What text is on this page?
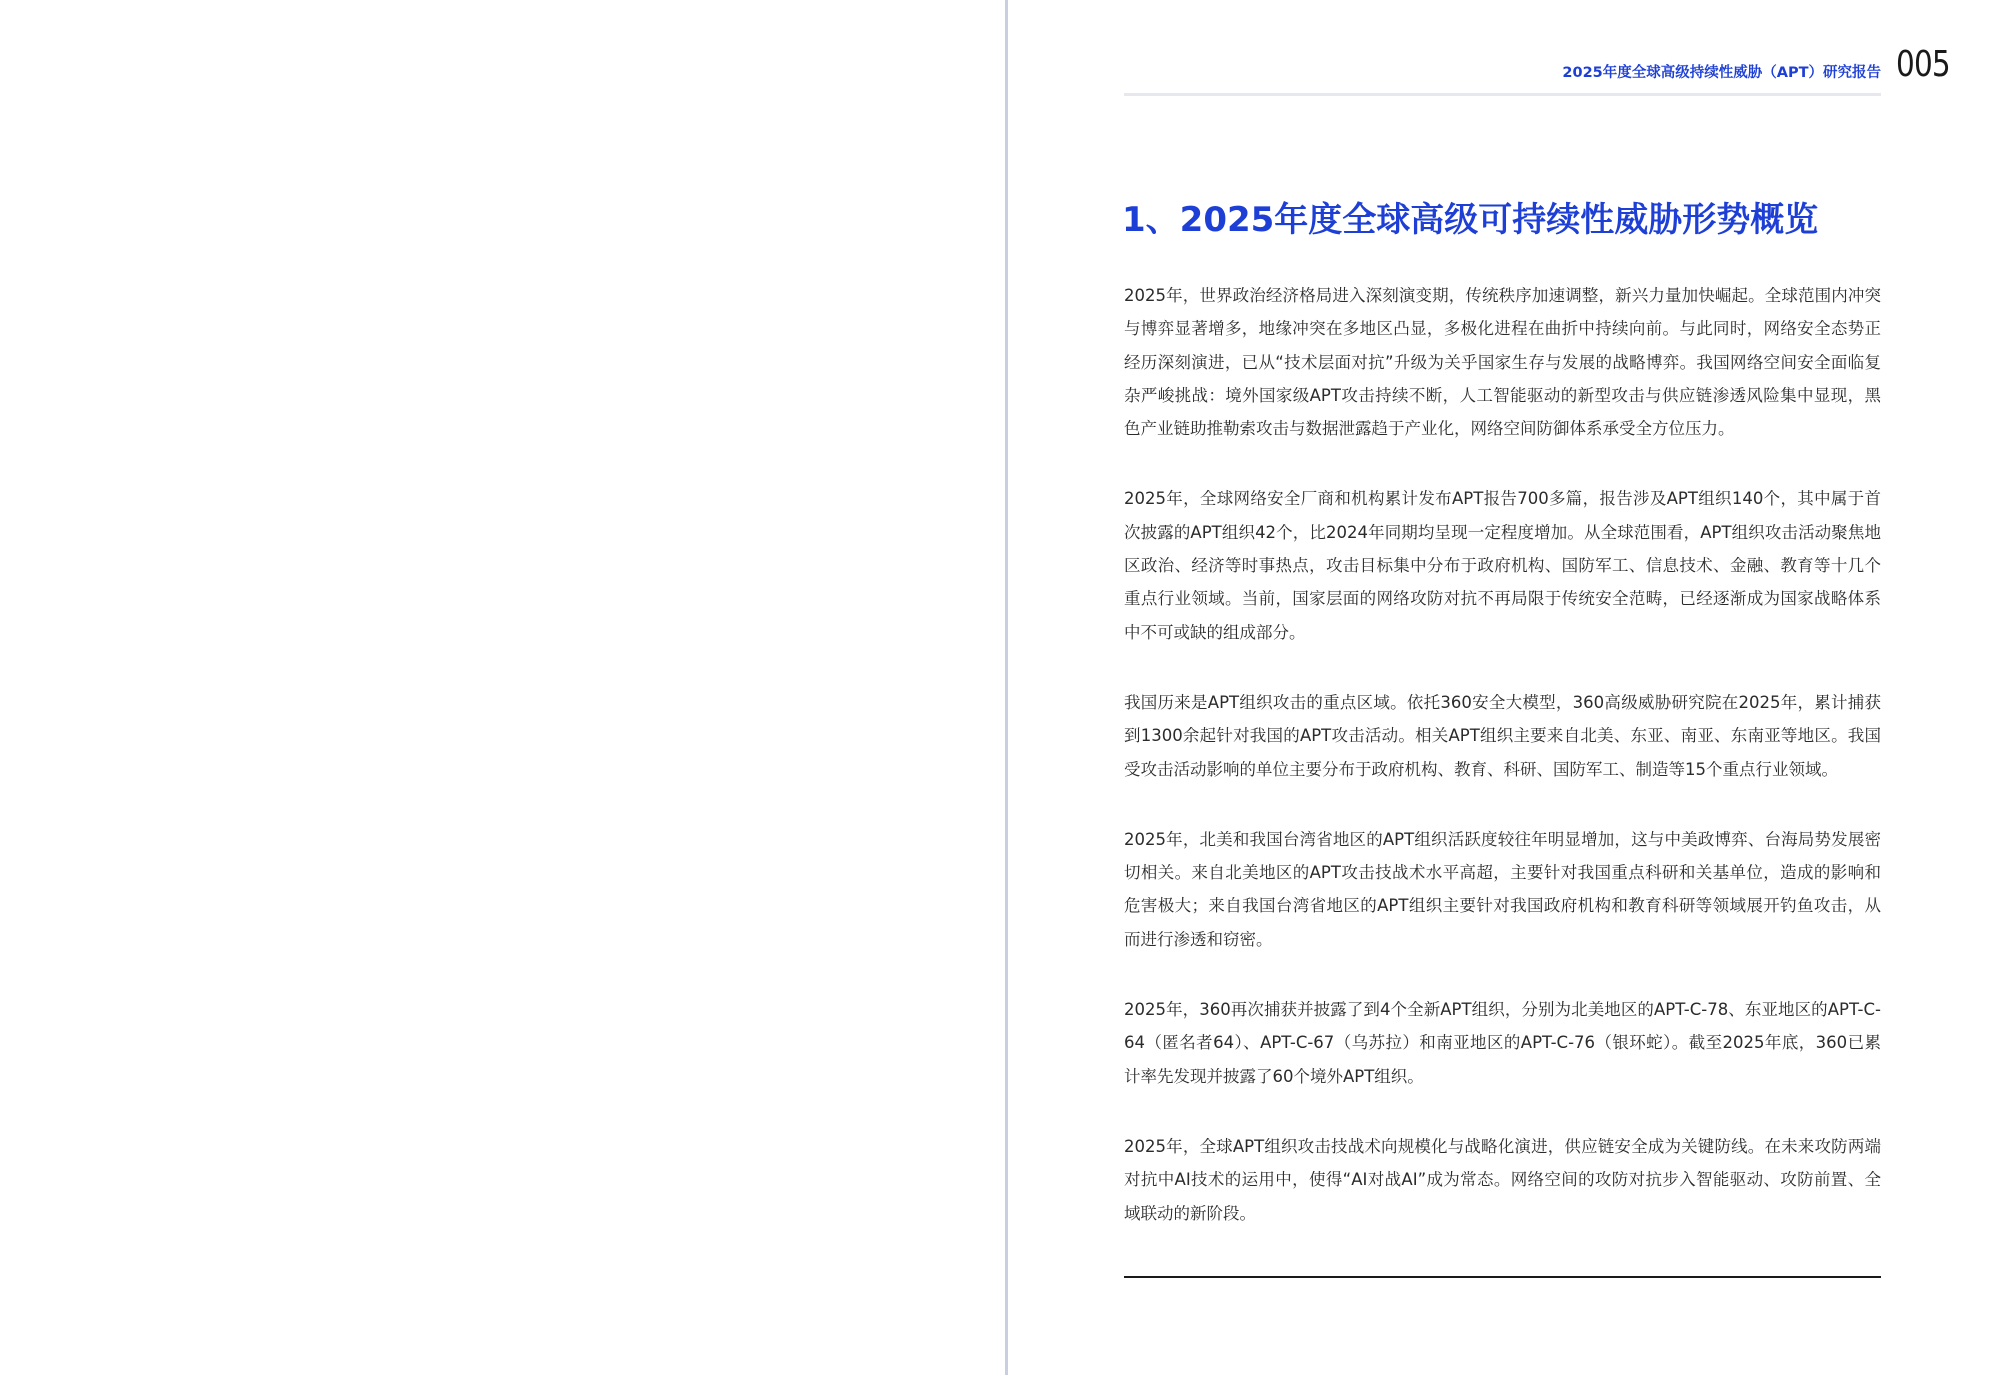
2025年度全球高级持续性威胁（APT）研究报告 005
1、2025年度全球高级可持续性威胁形势概览

2025年，世界政治经济格局进入深刻演变期，传统秩序加速调整，新兴力量加快崛起。全球范围内冲突与博弈显著增多，地缘冲突在多地区凸显，多极化进程在曲折中持续向前。与此同时，网络安全态势正经历深刻演进，已从“技术层面对抗”升级为关乎国家生存与发展的战略博弈。我国网络空间安全面临复杂严峻挑战：境外国家级APT攻击持续不断，人工智能驱动的新型攻击与供应链渗透风险集中显现，黑色产业链助推勒索攻击与数据泄露趋于产业化，网络空间防御体系承受全方位压力。

2025年，全球网络安全厂商和机构累计发布APT报告700多篇，报告涉及APT组织140个，其中属于首次披露的APT组织42个，比2024年同期均呈现一定程度增加。从全球范围看，APT组织攻击活动聚焦地区政治、经济等时事热点，攻击目标集中分布于政府机构、国防军工、信息技术、金融、教育等十几个重点行业领域。当前，国家层面的网络攻防对抗不再局限于传统安全范畴，已经逐渐成为国家战略体系中不可或缺的组成部分。

我国历来是APT组织攻击的重点区域。依托360安全大模型，360高级威胁研究院在2025年，累计捕获到1300余起针对我国的APT攻击活动。相关APT组织主要来自北美、东亚、南亚、东南亚等地区。我国受攻击活动影响的单位主要分布于政府机构、教育、科研、国防军工、制造等15个重点行业领域。

2025年，北美和我国台湾省地区的APT组织活跃度较往年明显增加，这与中美政博弈、台海局势发展密切相关。来自北美地区的APT攻击技战术水平高超，主要针对我国重点科研和关基单位，造成的影响和危害极大；来自我国台湾省地区的APT组织主要针对我国政府机构和教育科研等领域展开钓鱼攻击，从而进行渗透和窃密。

2025年，360再次捕获并披露了到4个全新APT组织，分别为北美地区的APT-C-78、东亚地区的APT-C-64（匿名者64）、APT-C-67（乌苏拉）和南亚地区的APT-C-76（银环蛇）。截至2025年底，360已累计率先发现并披露了60个境外APT组织。

2025年，全球APT组织攻击技战术向规模化与战略化演进，供应链安全成为关键防线。在未来攻防两端对抗中AI技术的运用中，使得“AI对战AI”成为常态。网络空间的攻防对抗步入智能驱动、攻防前置、全域联动的新阶段。
